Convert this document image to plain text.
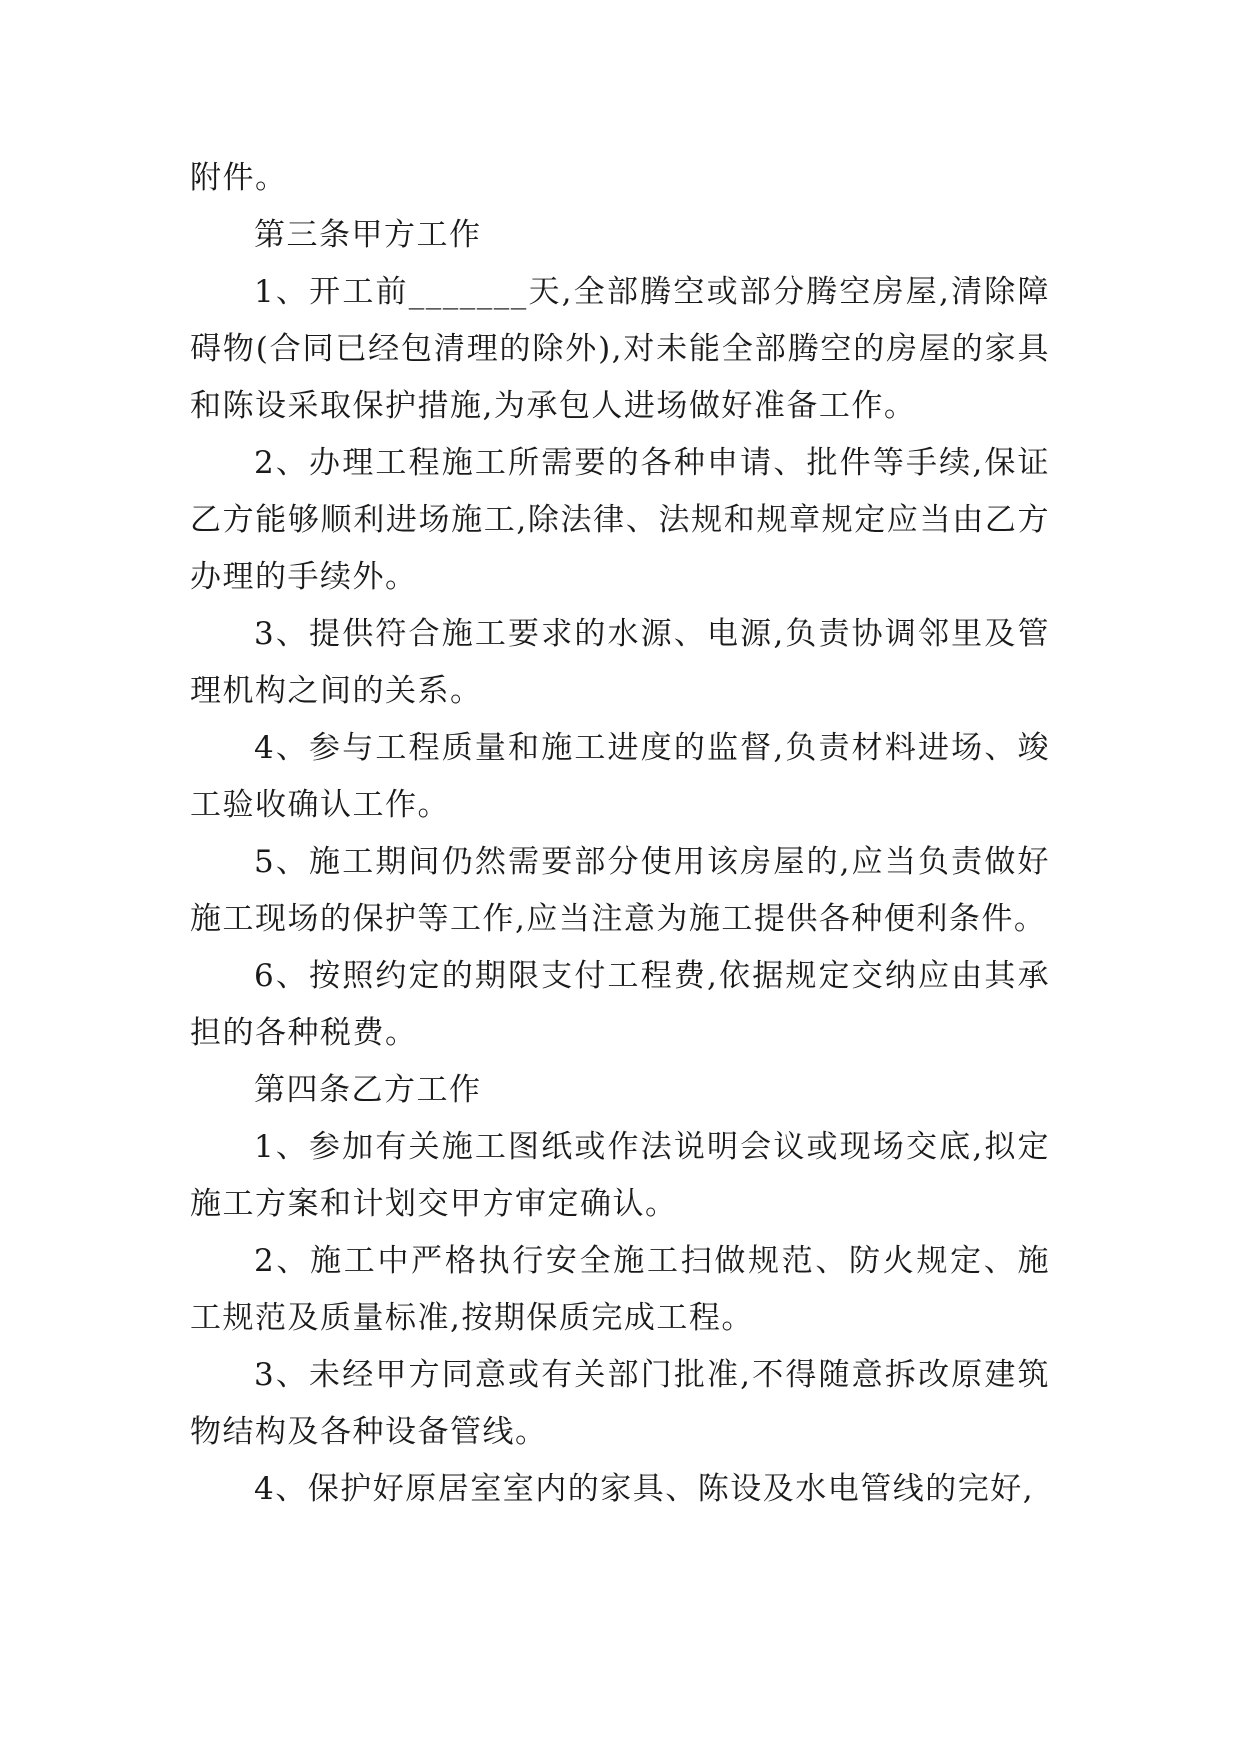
附件。

第三条甲方工作

1、开工前_______天,全部腾空或部分腾空房屋,清除障碍物(合同已经包清理的除外),对未能全部腾空的房屋的家具和陈设采取保护措施,为承包人进场做好准备工作。

2、办理工程施工所需要的各种申请、批件等手续,保证乙方能够顺利进场施工,除法律、法规和规章规定应当由乙方办理的手续外。

3、提供符合施工要求的水源、电源,负责协调邻里及管理机构之间的关系。

4、参与工程质量和施工进度的监督,负责材料进场、竣工验收确认工作。

5、施工期间仍然需要部分使用该房屋的,应当负责做好施工现场的保护等工作,应当注意为施工提供各种便利条件。

6、按照约定的期限支付工程费,依据规定交纳应由其承担的各种税费。

第四条乙方工作

1、参加有关施工图纸或作法说明会议或现场交底,拟定施工方案和计划交甲方审定确认。

2、施工中严格执行安全施工扫做规范、防火规定、施工规范及质量标准,按期保质完成工程。

3、未经甲方同意或有关部门批准,不得随意拆改原建筑物结构及各种设备管线。

4、保护好原居室室内的家具、陈设及水电管线的完好,
